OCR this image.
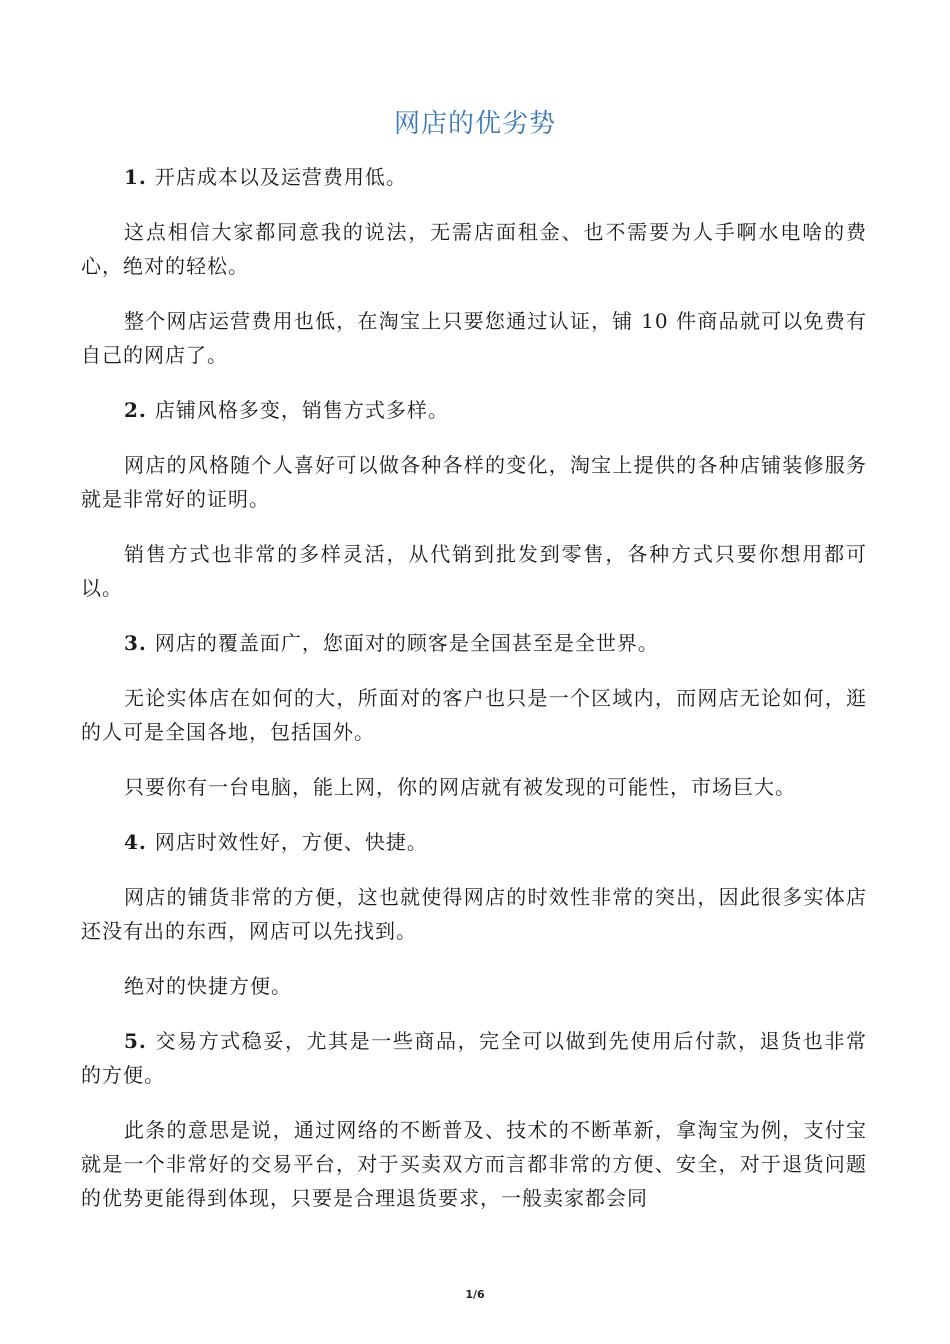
网店的优劣势

1. 开店成本以及运营费用低。

这点相信大家都同意我的说法，无需店面租金、也不需要为人手啊水电啥的费心，绝对的轻松。

整个网店运营费用也低，在淘宝上只要您通过认证，铺 10 件商品就可以免费有自己的网店了。

2. 店铺风格多变，销售方式多样。

网店的风格随个人喜好可以做各种各样的变化，淘宝上提供的各种店铺装修服务就是非常好的证明。

销售方式也非常的多样灵活，从代销到批发到零售，各种方式只要你想用都可以。

3. 网店的覆盖面广，您面对的顾客是全国甚至是全世界。

无论实体店在如何的大，所面对的客户也只是一个区域内，而网店无论如何，逛的人可是全国各地，包括国外。

只要你有一台电脑，能上网，你的网店就有被发现的可能性，市场巨大。

4. 网店时效性好，方便、快捷。

网店的铺货非常的方便，这也就使得网店的时效性非常的突出，因此很多实体店还没有出的东西，网店可以先找到。

绝对的快捷方便。

5. 交易方式稳妥，尤其是一些商品，完全可以做到先使用后付款，退货也非常的方便。

此条的意思是说，通过网络的不断普及、技术的不断革新，拿淘宝为例，支付宝就是一个非常好的交易平台，对于买卖双方而言都非常的方便、安全，对于退货问题的优势更能得到体现，只要是合理退货要求，一般卖家都会同

1/6
